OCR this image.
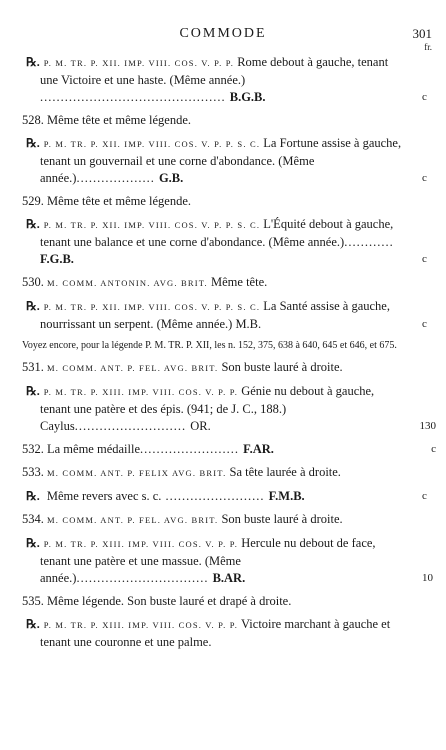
COMMODE	301
fr.

℞. P. M. TR. P. XII. IMP. VIII. COS. V. P. P. Rome debout à gauche, tenant une Victoire et une haste. (Même année.) ............................................. B.G.B.	c

528. Même tête et même légende.

℞. P. M. TR. P. XII. IMP. VIII. COS. V. P. P. S. C. La Fortune assise à gauche, tenant un gouvernail et une corne d'abondance. (Même année.)................... G.B.	c

529. Même tête et même légende.

℞. P. M. TR. P. XII. IMP. VIII. COS. V. P. P. S. C. L'Équité debout à gauche, tenant une balance et une corne d'abondance. (Même année.)............ F.G.B.	c

530. M. COMM. ANTONIN. AVG. BRIT. Même tête.

℞. P. M. TR. P. XII. IMP. VIII. COS. V. P. P. S. C. La Santé assise à gauche, nourrissant un serpent. (Même année.) M.B.	c

Voyez encore, pour la légende P. M. TR. P. XII, les n. 152, 375, 638 à 640, 645 et 646, et 675.

531. M. COMM. ANT. P. FEL. AVG. BRIT. Son buste lauré à droite.

℞. P. M. TR. P. XIII. IMP. VIII. COS. V. P. P. Génie nu debout à gauche, tenant une patère et des épis. (941; de J. C., 188.) Caylus........................... OR.	130

532. La même médaille........................ F.AR.	c

533. M. COMM. ANT. P. FELIX AVG. BRIT. Sa tête laurée à droite.

℞. Même revers avec s. c. ........................ F.M.B.	c

534. M. COMM. ANT. P. FEL. AVG. BRIT. Son buste lauré à droite.

℞. P. M. TR. P. XIII. IMP. VIII. COS. V. P. P. Hercule nu debout de face, tenant une patère et une massue. (Même année.)................................ B.AR.	10

535. Même légende. Son buste lauré et drapé à droite.

℞. P. M. TR. P. XIII. IMP. VIII. COS. V. P. P. Victoire marchant à gauche et tenant une couronne et une palme.
